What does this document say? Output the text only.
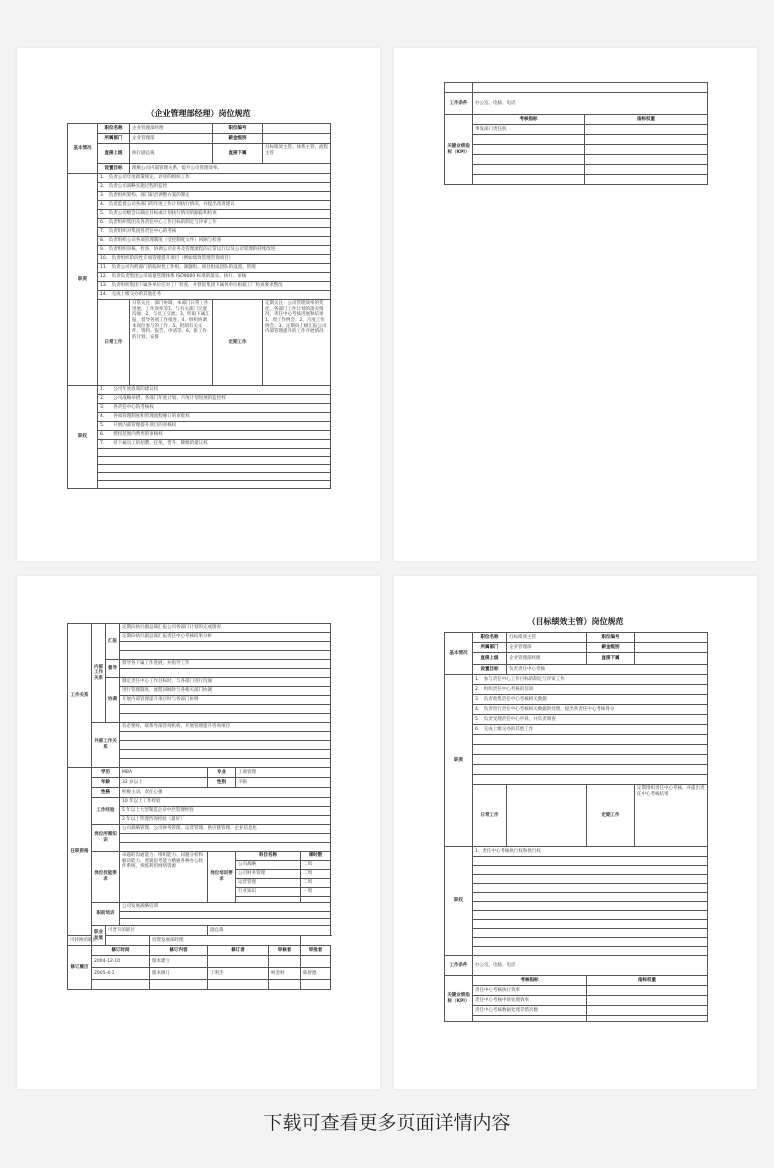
（企业管理部经理）岗位规范
基本情况	职位名称	企业管理部经理	职位编号	
	所属部门	企业管理部	薪金级别	
	直接上级	执行副总裁	直接下属	目标绩效主管、体系主管、流程主管
	设置目标	理顺公司内部管理关系，提升公司管理效率。		
职责	1.　负责公司年度政策规定、评审的组织工作			
	2.　负责公司战略实施过程的监控			
	3.　负责组织架构、部门职责调整方案的制定			
	4.　负责监督公司各部门的年度工作计划执行情况，并提出改进建议			
	5.　负责公司级会议确定目标或计划执行情况的跟踪和检查			
	6.　负责组织集团及各责任中心工作目标的制定与评审工作			
	7.　负责组织对集团各责任中心的考核			
	8.　负责组织公司各项管理制度（受控制度文件）回顾与检查			
	9.　负责组织审核、检查、协调公司业务及管理流程的正常运行以及公司管理的持续改进			
	10.　负责组织阶段性专项管理提升项目（例如绩效管理咨询项目）			
	11.　负责公司内跨部门的临时性工作组、课题组、项目组成团队的设置、管理			
	12.　负责负责集团公司质量管理体系 ISO9000 标准的落实、执行、审核			
	13.　负责组织集团下属各单位应对工厂检查，并督促集团下属各单位根据工厂检查要求整改			
	14.　完成上级交办的其他任务			
	日常工作	日常关注：部门协调，本部门日常工作进展，工作效率等1、与有关部门交流沟通；2、与员工交流；3、听取下属汇报，督导各项工作推进；4、组织协调本岗位参与的工作；5、批阅有关文件、资料、报告、申请等；6、新工作的计划、安排	定期工作	定期关注：公司管理效率的变化，各部门工作计划的落实情况，责任中心考核进展和结果1、周工作例会；2、月度工作例会；3、定期向上级汇报公司内部管理提升的工作开展情况
职权	1.　　公司年度政策的建议权			
	2.　　公司战略举措、各部门年度计划、月度计划进展的监控权			
	3.　　各责任中心的考核权			
	4.　　各项管理制度和管理流程修订的审批权			
	5.　　开展内部管理提升项目的审核权			
	6.　　授权范围内费用的审核权			
	7.　　对下属员工的招聘、任免、晋升、降级的建议权			

工作条件	办公室、电脑、电话	
关键业绩指标（KPI）	考核指标	指标权重
	事发部门责任机	

工作关系	内部工作关系	汇报	定期向执行副总裁汇报公司各部门计划的完成情况					
			定期向执行副总裁汇报责任中心考核结果分析					

		督导	督导各下属工作进展，并指导工作					

		协调	制定责任中心工作目标时，与各部门进行沟通					
			进行管理制度、流程回顾时与各相关部门协调					
			开展内部管理提升项目时与各部门协调					

	外部工作关系		有必要时，联系外部咨询机构，开展管理提升咨询项目					

任职资格	学历		MBA		专业	工商管理		
	年龄		32 岁以上		性别	不限		
	性格		积极主动，责任心强					
	工作经验		10 年以上工作经验					
			5 年以上大型制造企业中层管理经验					
			2 年以上管理咨询经验（最好）					
	岗位所需知识		公司战略管理、公司财务管理、运营管理、供应链管理、企业信息化					

	岗位技能要求		卓越的沟通能力、组织能力、问题分析和解决能力、逻辑思考能力精通各种办公软件系统，熟练利用网络资源		岗位培训要求	科目名称		课时数
						公司战略		二周
						公司财务管理		二周
						运营管理		二周
						行业知识		一周

	职前培训		公司发展战略培训					

	职业发展	可晋升的职位			副总裁			
可转换的职位				投资发展部经理				
修订履历	修订时间			修订内容	修订者		审核者	审批者
	2004-12-10			版本建立				
	2005-4-1			版本修订	丁明杰		柯金财	陈智德

（目标绩效主管）岗位规范
基本情况	职位名称	目标绩效主管	职位编号	
	所属部门	企业管理部	薪金级别	
	直接上级	企业管理部经理	直接下属	
	设置目标	负责责任中心考核		
职责	1.　参与责任中心工作目标的制定与评审工作			
	2.　组织责任中心考核的培训			
	3.　负责收集责任中心考核相关数据			
	4.　负责进行责任中心考核相关数据的处理，提出各责任中心考核得分			
	5.　负责受理责任中心申诉，并负责调查			
	6.　完成上级交办的其他工作			

	日常工作		定期工作	定期组织责任中心考核，并提出责任中心考核结果
职权	1、责任中心考核执行权和执行权			

工作条件	办公室、电脑、电话			
关键业绩指标（KPI）	考核指标		指标权重	
	责任中心考核执行效率			
	责任中心考核申诉处理效率			
	责任中心考核数据处理差错次数			

下载可查看更多页面详情内容
